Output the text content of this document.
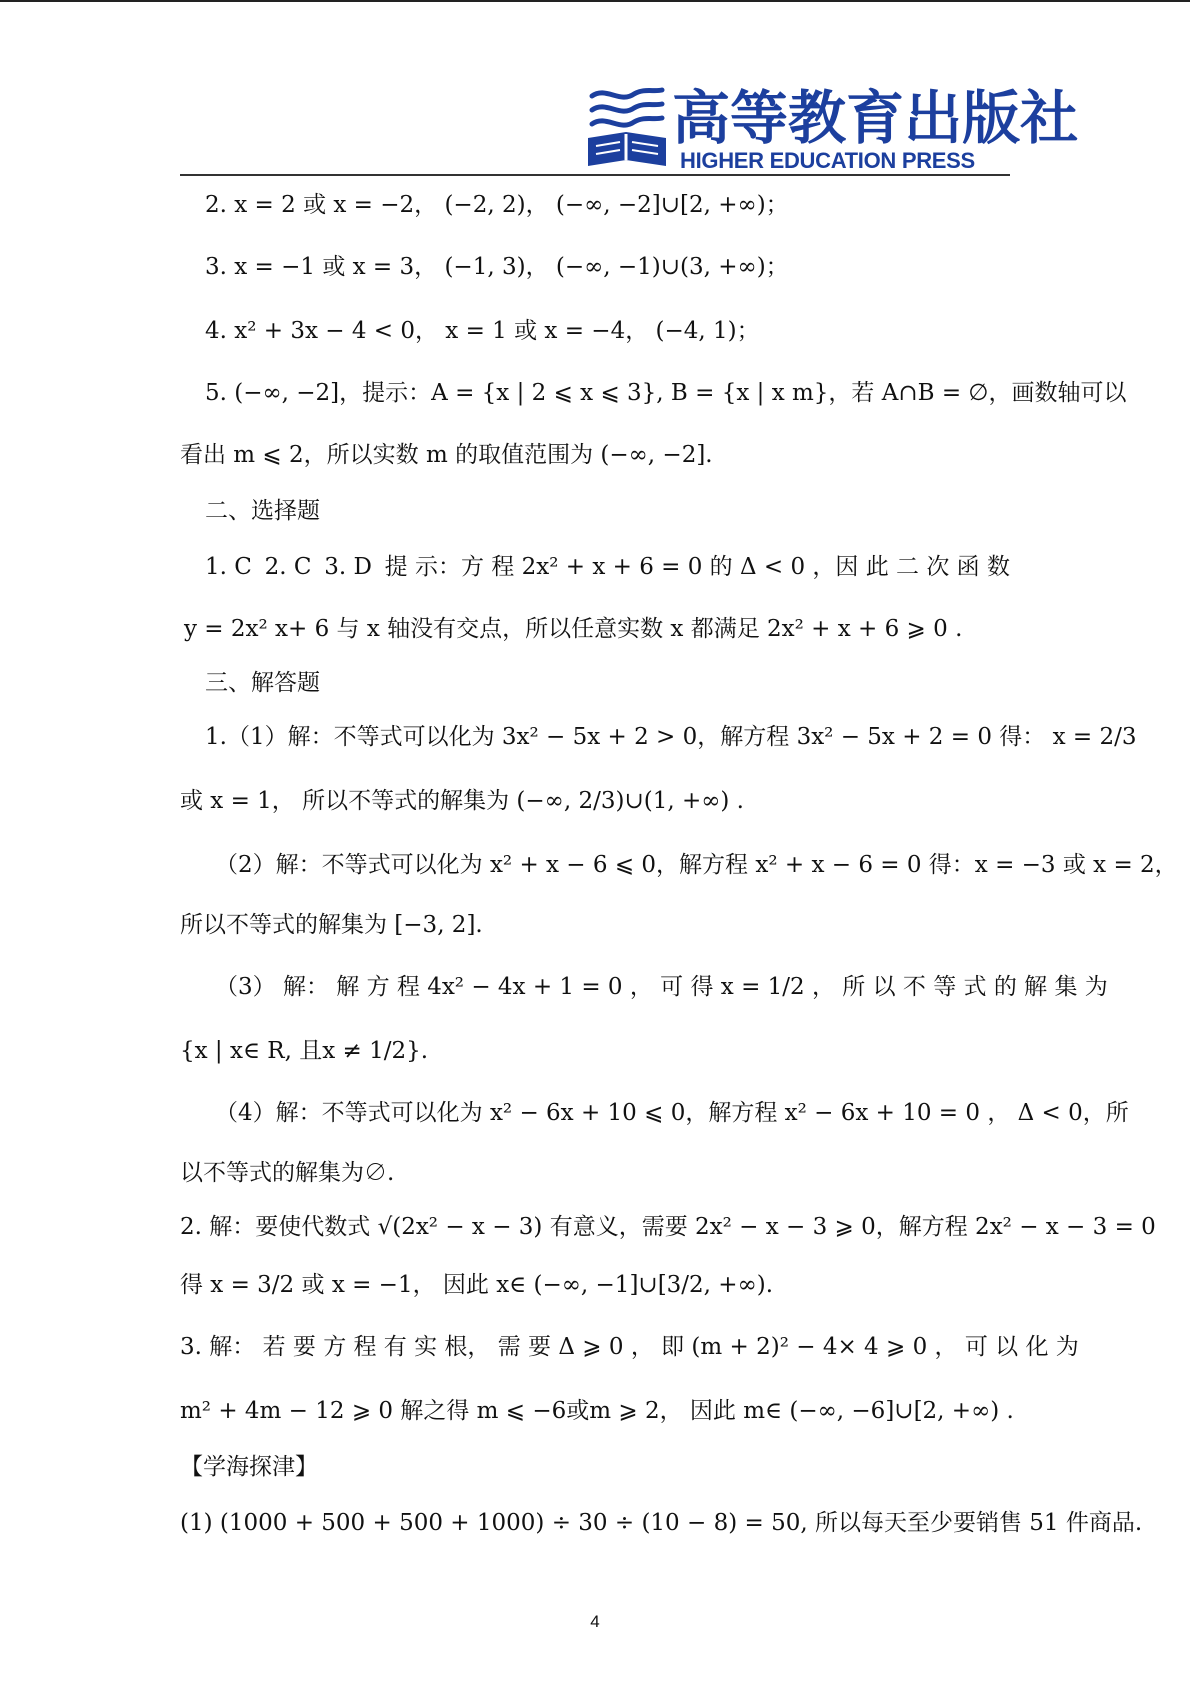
高 等 教 育 出 版 社
HIGHER EDUCATION PRESS
2. x = 2 或 x = −2， (−2, 2)， (−∞, −2]∪[2, +∞)；
3. x = −1 或 x = 3， (−1, 3)， (−∞, −1)∪(3, +∞)；
4. x² + 3x − 4 < 0， x = 1 或 x = −4， (−4, 1)；
5. (−∞, −2]，提示：A = {x | 2 ⩽ x ⩽ 3}, B = {x | x m}，若 A∩B = ∅，画数轴可以
看出 m ⩽ 2，所以实数 m 的取值范围为 (−∞, −2].
二、选择题
1. C 2. C 3. D 提 示：方 程 2x² + x + 6 = 0 的 Δ < 0 ，因 此 二 次 函 数
y = 2x² x+ 6 与 x 轴没有交点，所以任意实数 x 都满足 2x² + x + 6 ⩾ 0 .
三、解答题
1.（1）解：不等式可以化为 3x² − 5x + 2 > 0，解方程 3x² − 5x + 2 = 0 得： x = 2/3
或 x = 1， 所以不等式的解集为 (−∞, 2/3)∪(1, +∞) .
（2）解：不等式可以化为 x² + x − 6 ⩽ 0，解方程 x² + x − 6 = 0 得：x = −3 或 x = 2，
所以不等式的解集为 [−3, 2].
（3） 解： 解 方 程 4x² − 4x + 1 = 0 ， 可 得 x = 1/2 ， 所 以 不 等 式 的 解 集 为
{x | x∈ R, 且x ≠ 1/2}.
（4）解：不等式可以化为 x² − 6x + 10 ⩽ 0，解方程 x² − 6x + 10 = 0 ， Δ < 0，所
以不等式的解集为∅.
2. 解：要使代数式 √(2x² − x − 3) 有意义，需要 2x² − x − 3 ⩾ 0，解方程 2x² − x − 3 = 0
得 x = 3/2 或 x = −1， 因此 x∈ (−∞, −1]∪[3/2, +∞).
3. 解： 若 要 方 程 有 实 根， 需 要 Δ ⩾ 0 ， 即 (m + 2)² − 4× 4 ⩾ 0 ， 可 以 化 为
m² + 4m − 12 ⩾ 0 解之得 m ⩽ −6或m ⩾ 2， 因此 m∈ (−∞, −6]∪[2, +∞) .
【学海探津】
(1) (1000 + 500 + 500 + 1000) ÷ 30 ÷ (10 − 8) = 50, 所以每天至少要销售 51 件商品.
4
